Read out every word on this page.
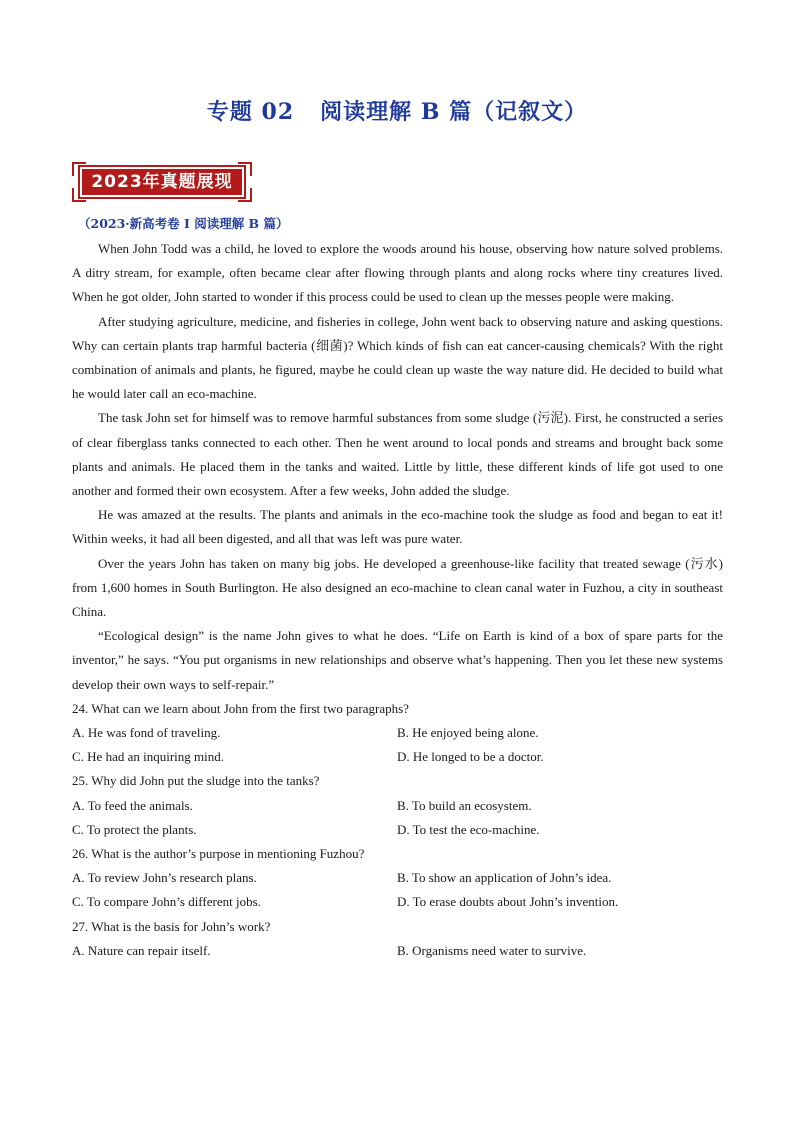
专题 02 阅读理解 B 篇（记叙文）
2023年真题展现
（2023·新高考卷 I 阅读理解 B 篇）

When John Todd was a child, he loved to explore the woods around his house, observing how nature solved problems. A ditry stream, for example, often became clear after flowing through plants and along rocks where tiny creatures lived. When he got older, John started to wonder if this process could be used to clean up the messes people were making.

After studying agriculture, medicine, and fisheries in college, John went back to observing nature and asking questions. Why can certain plants trap harmful bacteria (细菌)? Which kinds of fish can eat cancer-causing chemicals? With the right combination of animals and plants, he figured, maybe he could clean up waste the way nature did. He decided to build what he would later call an eco-machine.

The task John set for himself was to remove harmful substances from some sludge (污泥). First, he constructed a series of clear fiberglass tanks connected to each other. Then he went around to local ponds and streams and brought back some plants and animals. He placed them in the tanks and waited. Little by little, these different kinds of life got used to one another and formed their own ecosystem. After a few weeks, John added the sludge.

He was amazed at the results. The plants and animals in the eco-machine took the sludge as food and began to eat it! Within weeks, it had all been digested, and all that was left was pure water.

Over the years John has taken on many big jobs. He developed a greenhouse-like facility that treated sewage (污水) from 1,600 homes in South Burlington. He also designed an eco-machine to clean canal water in Fuzhou, a city in southeast China.

“Ecological design” is the name John gives to what he does. “Life on Earth is kind of a box of spare parts for the inventor,” he says. “You put organisms in new relationships and observe what’s happening. Then you let these new systems develop their own ways to self-repair.”

24. What can we learn about John from the first two paragraphs?
A. He was fond of traveling.	B. He enjoyed being alone.
C. He had an inquiring mind.	D. He longed to be a doctor.
25. Why did John put the sludge into the tanks?
A. To feed the animals.	B. To build an ecosystem.
C. To protect the plants.	D. To test the eco-machine.
26. What is the author’s purpose in mentioning Fuzhou?
A. To review John’s research plans.	B. To show an application of John’s idea.
C. To compare John’s different jobs.	D. To erase doubts about John’s invention.
27. What is the basis for John’s work?
A. Nature can repair itself.	B. Organisms need water to survive.
